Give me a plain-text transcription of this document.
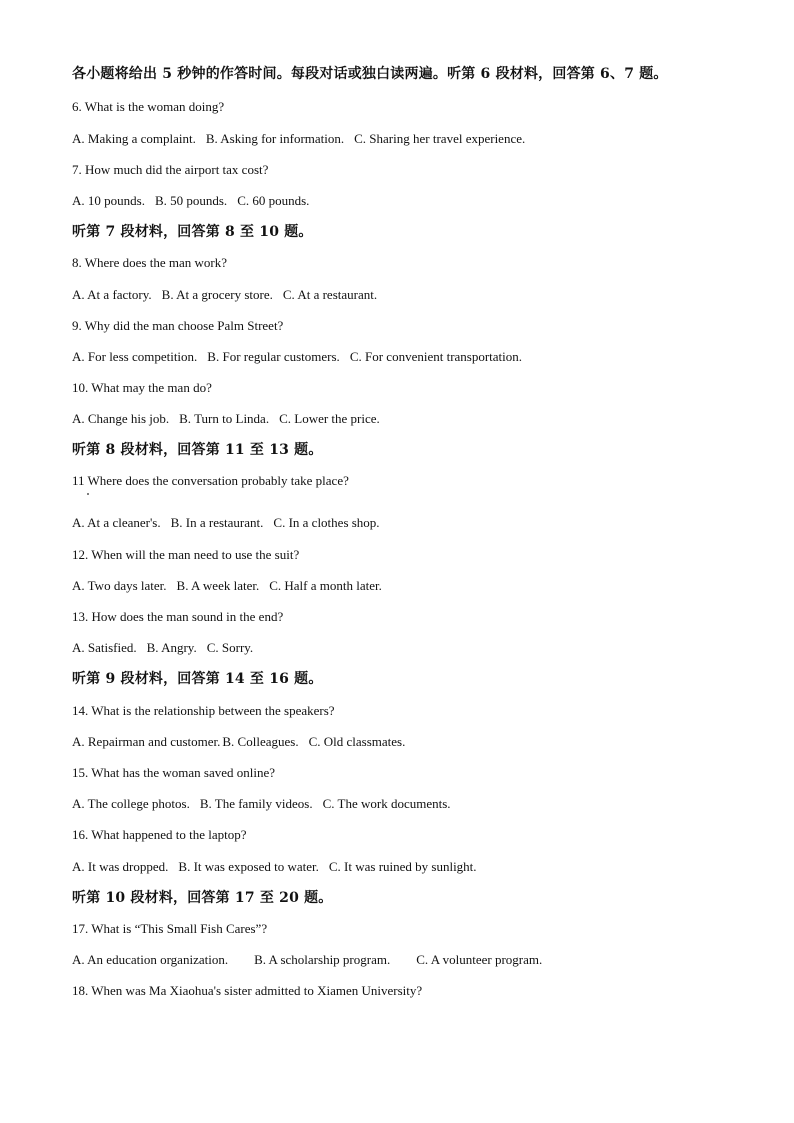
各小题将给出 5 秒钟的作答时间。每段对话或独白读两遍。听第 6 段材料，回答第 6、7 题。
6. What is the woman doing?
A. Making a complaint. B. Asking for information. C. Sharing her travel experience.
7. How much did the airport tax cost?
A. 10 pounds. B. 50 pounds. C. 60 pounds.
听第 7 段材料，回答第 8 至 10 题。
8. Where does the man work?
A. At a factory. B. At a grocery store. C. At a restaurant.
9. Why did the man choose Palm Street?
A. For less competition. B. For regular customers. C. For convenient transportation.
10. What may the man do?
A. Change his job. B. Turn to Linda. C. Lower the price.
听第 8 段材料，回答第 11 至 13 题。
11 Where does the conversation probably take place?
A. At a cleaner's. B. In a restaurant. C. In a clothes shop.
12. When will the man need to use the suit?
A. Two days later. B. A week later. C. Half a month later.
13. How does the man sound in the end?
A. Satisfied. B. Angry. C. Sorry.
听第 9 段材料，回答第 14 至 16 题。
14. What is the relationship between the speakers?
A. Repairman and customer. B. Colleagues. C. Old classmates.
15. What has the woman saved online?
A. The college photos. B. The family videos. C. The work documents.
16. What happened to the laptop?
A. It was dropped. B. It was exposed to water. C. It was ruined by sunlight.
听第 10 段材料，回答第 17 至 20 题。
17. What is “This Small Fish Cares”?
A. An education organization. B. A scholarship program. C. A volunteer program.
18. When was Ma Xiaohua's sister admitted to Xiamen University?
